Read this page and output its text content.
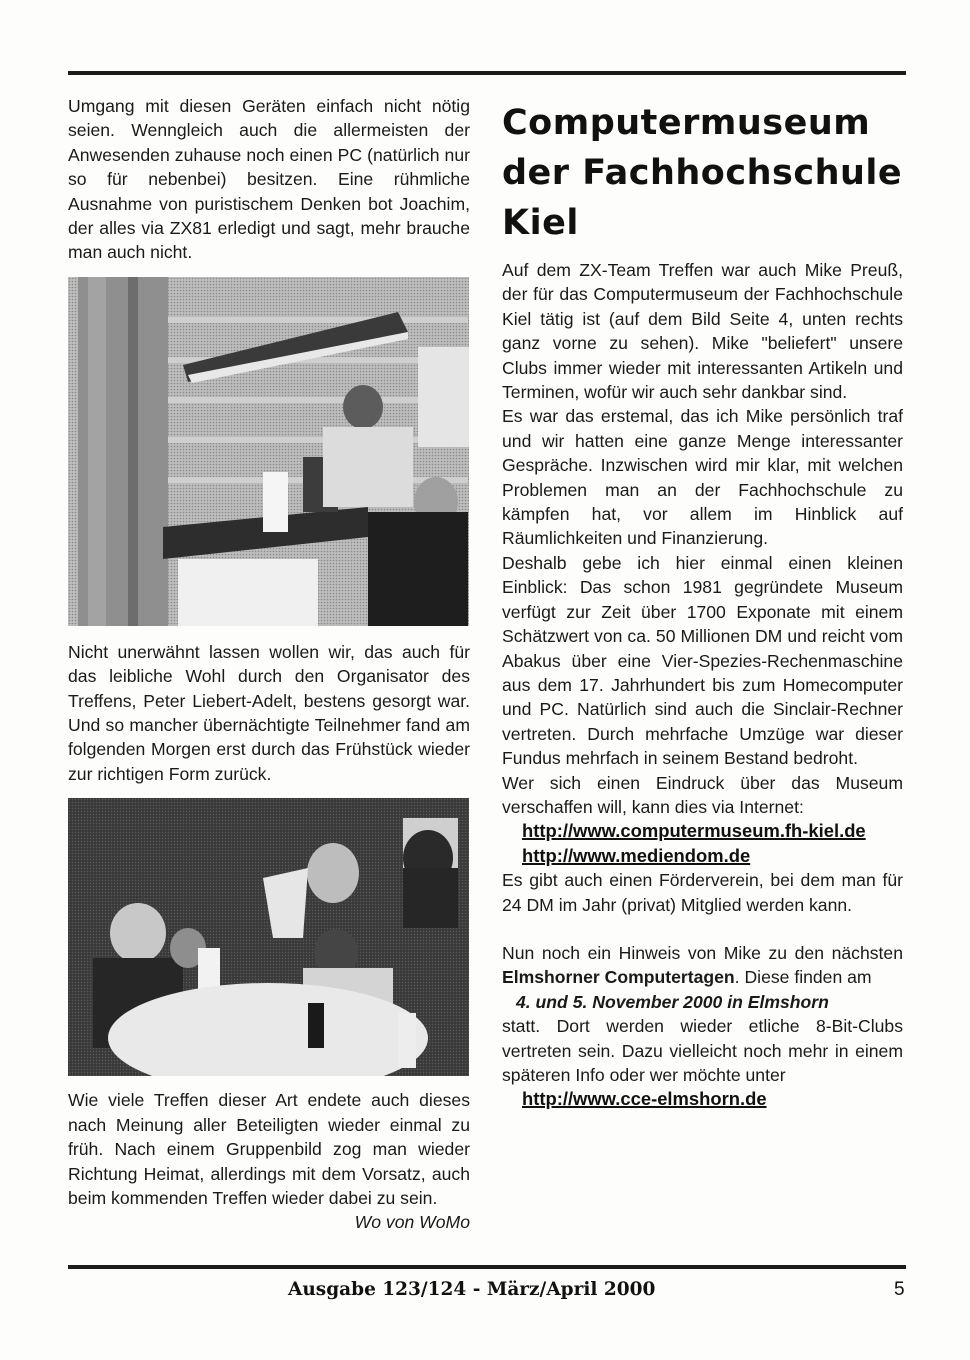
Umgang mit diesen Geräten einfach nicht nötig seien. Wenngleich auch die allermeisten der Anwesenden zuhause noch einen PC (natürlich nur so für nebenbei) besitzen. Eine rühmliche Ausnahme von puristischem Denken bot Joachim, der alles via ZX81 erledigt und sagt, mehr brauche man auch nicht.

Nicht unerwähnt lassen wollen wir, das auch für das leibliche Wohl durch den Organisator des Treffens, Peter Liebert-Adelt, bestens gesorgt war. Und so mancher übernächtigte Teilnehmer fand am folgenden Morgen erst durch das Frühstück wieder zur richtigen Form zurück.

Wie viele Treffen dieser Art endete auch dieses nach Meinung aller Beteiligten wieder einmal zu früh. Nach einem Gruppenbild zog man wieder Richtung Heimat, allerdings mit dem Vorsatz, auch beim kommenden Treffen wieder dabei zu sein.
Wo von WoMo

Computermuseum
der Fachhochschule
Kiel

Auf dem ZX-Team Treffen war auch Mike Preuß, der für das Computermuseum der Fachhochschule Kiel tätig ist (auf dem Bild Seite 4, unten rechts ganz vorne zu sehen). Mike "beliefert" unsere Clubs immer wieder mit interessanten Artikeln und Terminen, wofür wir auch sehr dankbar sind.

Es war das erstemal, das ich Mike persönlich traf und wir hatten eine ganze Menge interessanter Gespräche. Inzwischen wird mir klar, mit welchen Problemen man an der Fachhochschule zu kämpfen hat, vor allem im Hinblick auf Räumlichkeiten und Finanzierung.

Deshalb gebe ich hier einmal einen kleinen Einblick: Das schon 1981 gegründete Museum verfügt zur Zeit über 1700 Exponate mit einem Schätzwert von ca. 50 Millionen DM und reicht vom Abakus über eine Vier-Spezies-Rechenmaschine aus dem 17. Jahrhundert bis zum Homecomputer und PC. Natürlich sind auch die Sinclair-Rechner vertreten. Durch mehrfache Umzüge war dieser Fundus mehrfach in seinem Bestand bedroht.

Wer sich einen Eindruck über das Museum verschaffen will, kann dies via Internet:

http://www.computermuseum.fh-kiel.de
http://www.mediendom.de

Es gibt auch einen Förderverein, bei dem man für 24 DM im Jahr (privat) Mitglied werden kann.

Nun noch ein Hinweis von Mike zu den nächsten Elmshorner Computertagen. Diese finden am

4. und 5. November 2000 in Elmshorn

statt. Dort werden wieder etliche 8-Bit-Clubs vertreten sein. Dazu vielleicht noch mehr in einem späteren Info oder wer möchte unter

http://www.cce-elmshorn.de
Ausgabe 123/124 - März/April 2000	5
